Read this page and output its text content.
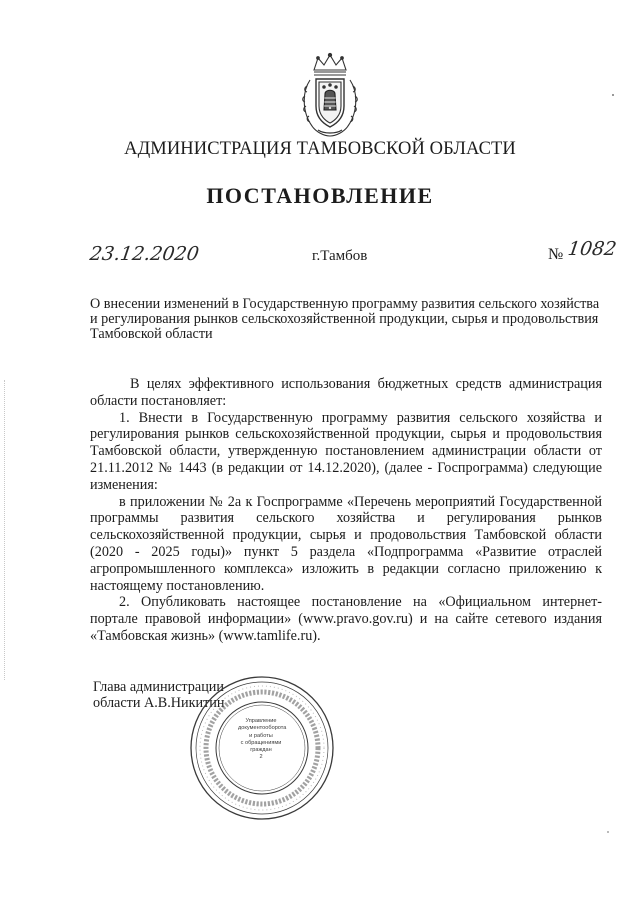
АДМИНИСТРАЦИЯ ТАМБОВСКОЙ ОБЛАСТИ
ПОСТАНОВЛЕНИЕ
23.12.2020	г.Тамбов	№ 1082
О внесении изменений в Государственную программу развития сельского хозяйства и регулирования рынков сельскохозяйственной продукции, сырья и продовольствия Тамбовской области

В целях эффективного использования бюджетных средств администрация области постановляет:

1. Внести в Государственную программу развития сельского хозяйства и регулирования рынков сельскохозяйственной продукции, сырья и продовольствия Тамбовской области, утвержденную постановлением администрации области от 21.11.2012 № 1443 (в редакции от 14.12.2020), (далее - Госпрограмма) следующие изменения:

в приложении № 2а к Госпрограмме «Перечень мероприятий Государственной программы развития сельского хозяйства и регулирования рынков сельскохозяйственной продукции, сырья и продовольствия Тамбовской области (2020 - 2025 годы)» пункт 5 раздела «Подпрограмма «Развитие отраслей агропромышленного комплекса» изложить в редакции согласно приложению к настоящему постановлению.

2. Опубликовать настоящее постановление на «Официальном интернет-портале правовой информации» (www.pravo.gov.ru) и на сайте сетевого издания «Тамбовская жизнь» (www.tamlife.ru).

Глава администрации
области А.В.Никитин
Управление
документооборота
и работы
с обращениями
граждан
2
